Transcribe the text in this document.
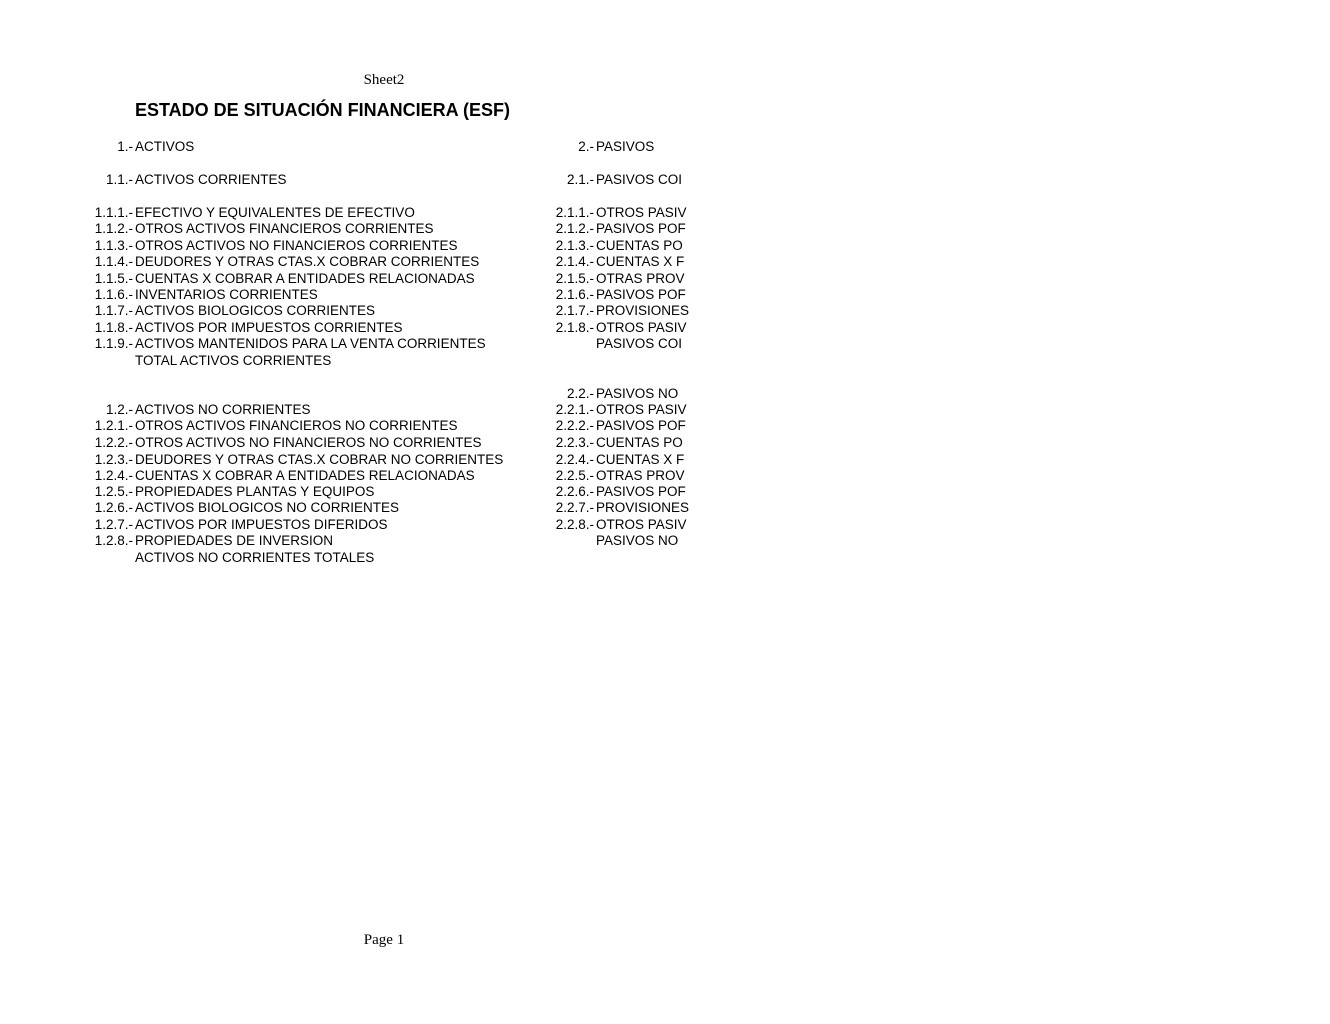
Sheet2
ESTADO DE SITUACIÓN FINANCIERA (ESF)
1.- ACTIVOS
1.1.- ACTIVOS CORRIENTES
1.1.1.- EFECTIVO Y EQUIVALENTES DE EFECTIVO
1.1.2.- OTROS ACTIVOS FINANCIEROS CORRIENTES
1.1.3.- OTROS ACTIVOS NO FINANCIEROS CORRIENTES
1.1.4.- DEUDORES Y OTRAS CTAS.X COBRAR CORRIENTES
1.1.5.- CUENTAS X COBRAR A ENTIDADES RELACIONADAS
1.1.6.- INVENTARIOS CORRIENTES
1.1.7.- ACTIVOS BIOLOGICOS CORRIENTES
1.1.8.- ACTIVOS POR IMPUESTOS CORRIENTES
1.1.9.- ACTIVOS MANTENIDOS PARA LA VENTA CORRIENTES
TOTAL ACTIVOS CORRIENTES
1.2.- ACTIVOS NO CORRIENTES
1.2.1.- OTROS ACTIVOS FINANCIEROS NO CORRIENTES
1.2.2.- OTROS ACTIVOS NO FINANCIEROS NO CORRIENTES
1.2.3.- DEUDORES Y OTRAS CTAS.X COBRAR NO CORRIENTES
1.2.4.- CUENTAS X COBRAR A ENTIDADES RELACIONADAS
1.2.5.- PROPIEDADES PLANTAS Y EQUIPOS
1.2.6.- ACTIVOS BIOLOGICOS NO CORRIENTES
1.2.7.- ACTIVOS POR IMPUESTOS DIFERIDOS
1.2.8.- PROPIEDADES DE INVERSION
ACTIVOS NO CORRIENTES TOTALES
2.- PASIVOS
2.1.- PASIVOS COI
2.1.1.- OTROS PASIV
2.1.2.- PASIVOS POF
2.1.3.- CUENTAS PO
2.1.4.- CUENTAS X F
2.1.5.- OTRAS PROV
2.1.6.- PASIVOS POF
2.1.7.- PROVISIONES
2.1.8.- OTROS PASIV
PASIVOS COI
2.2.- PASIVOS NO
2.2.1.- OTROS PASIV
2.2.2.- PASIVOS POF
2.2.3.- CUENTAS PO
2.2.4.- CUENTAS X F
2.2.5.- OTRAS PROV
2.2.6.- PASIVOS POF
2.2.7.- PROVISIONES
2.2.8.- OTROS PASIV
PASIVOS NO
Page 1
